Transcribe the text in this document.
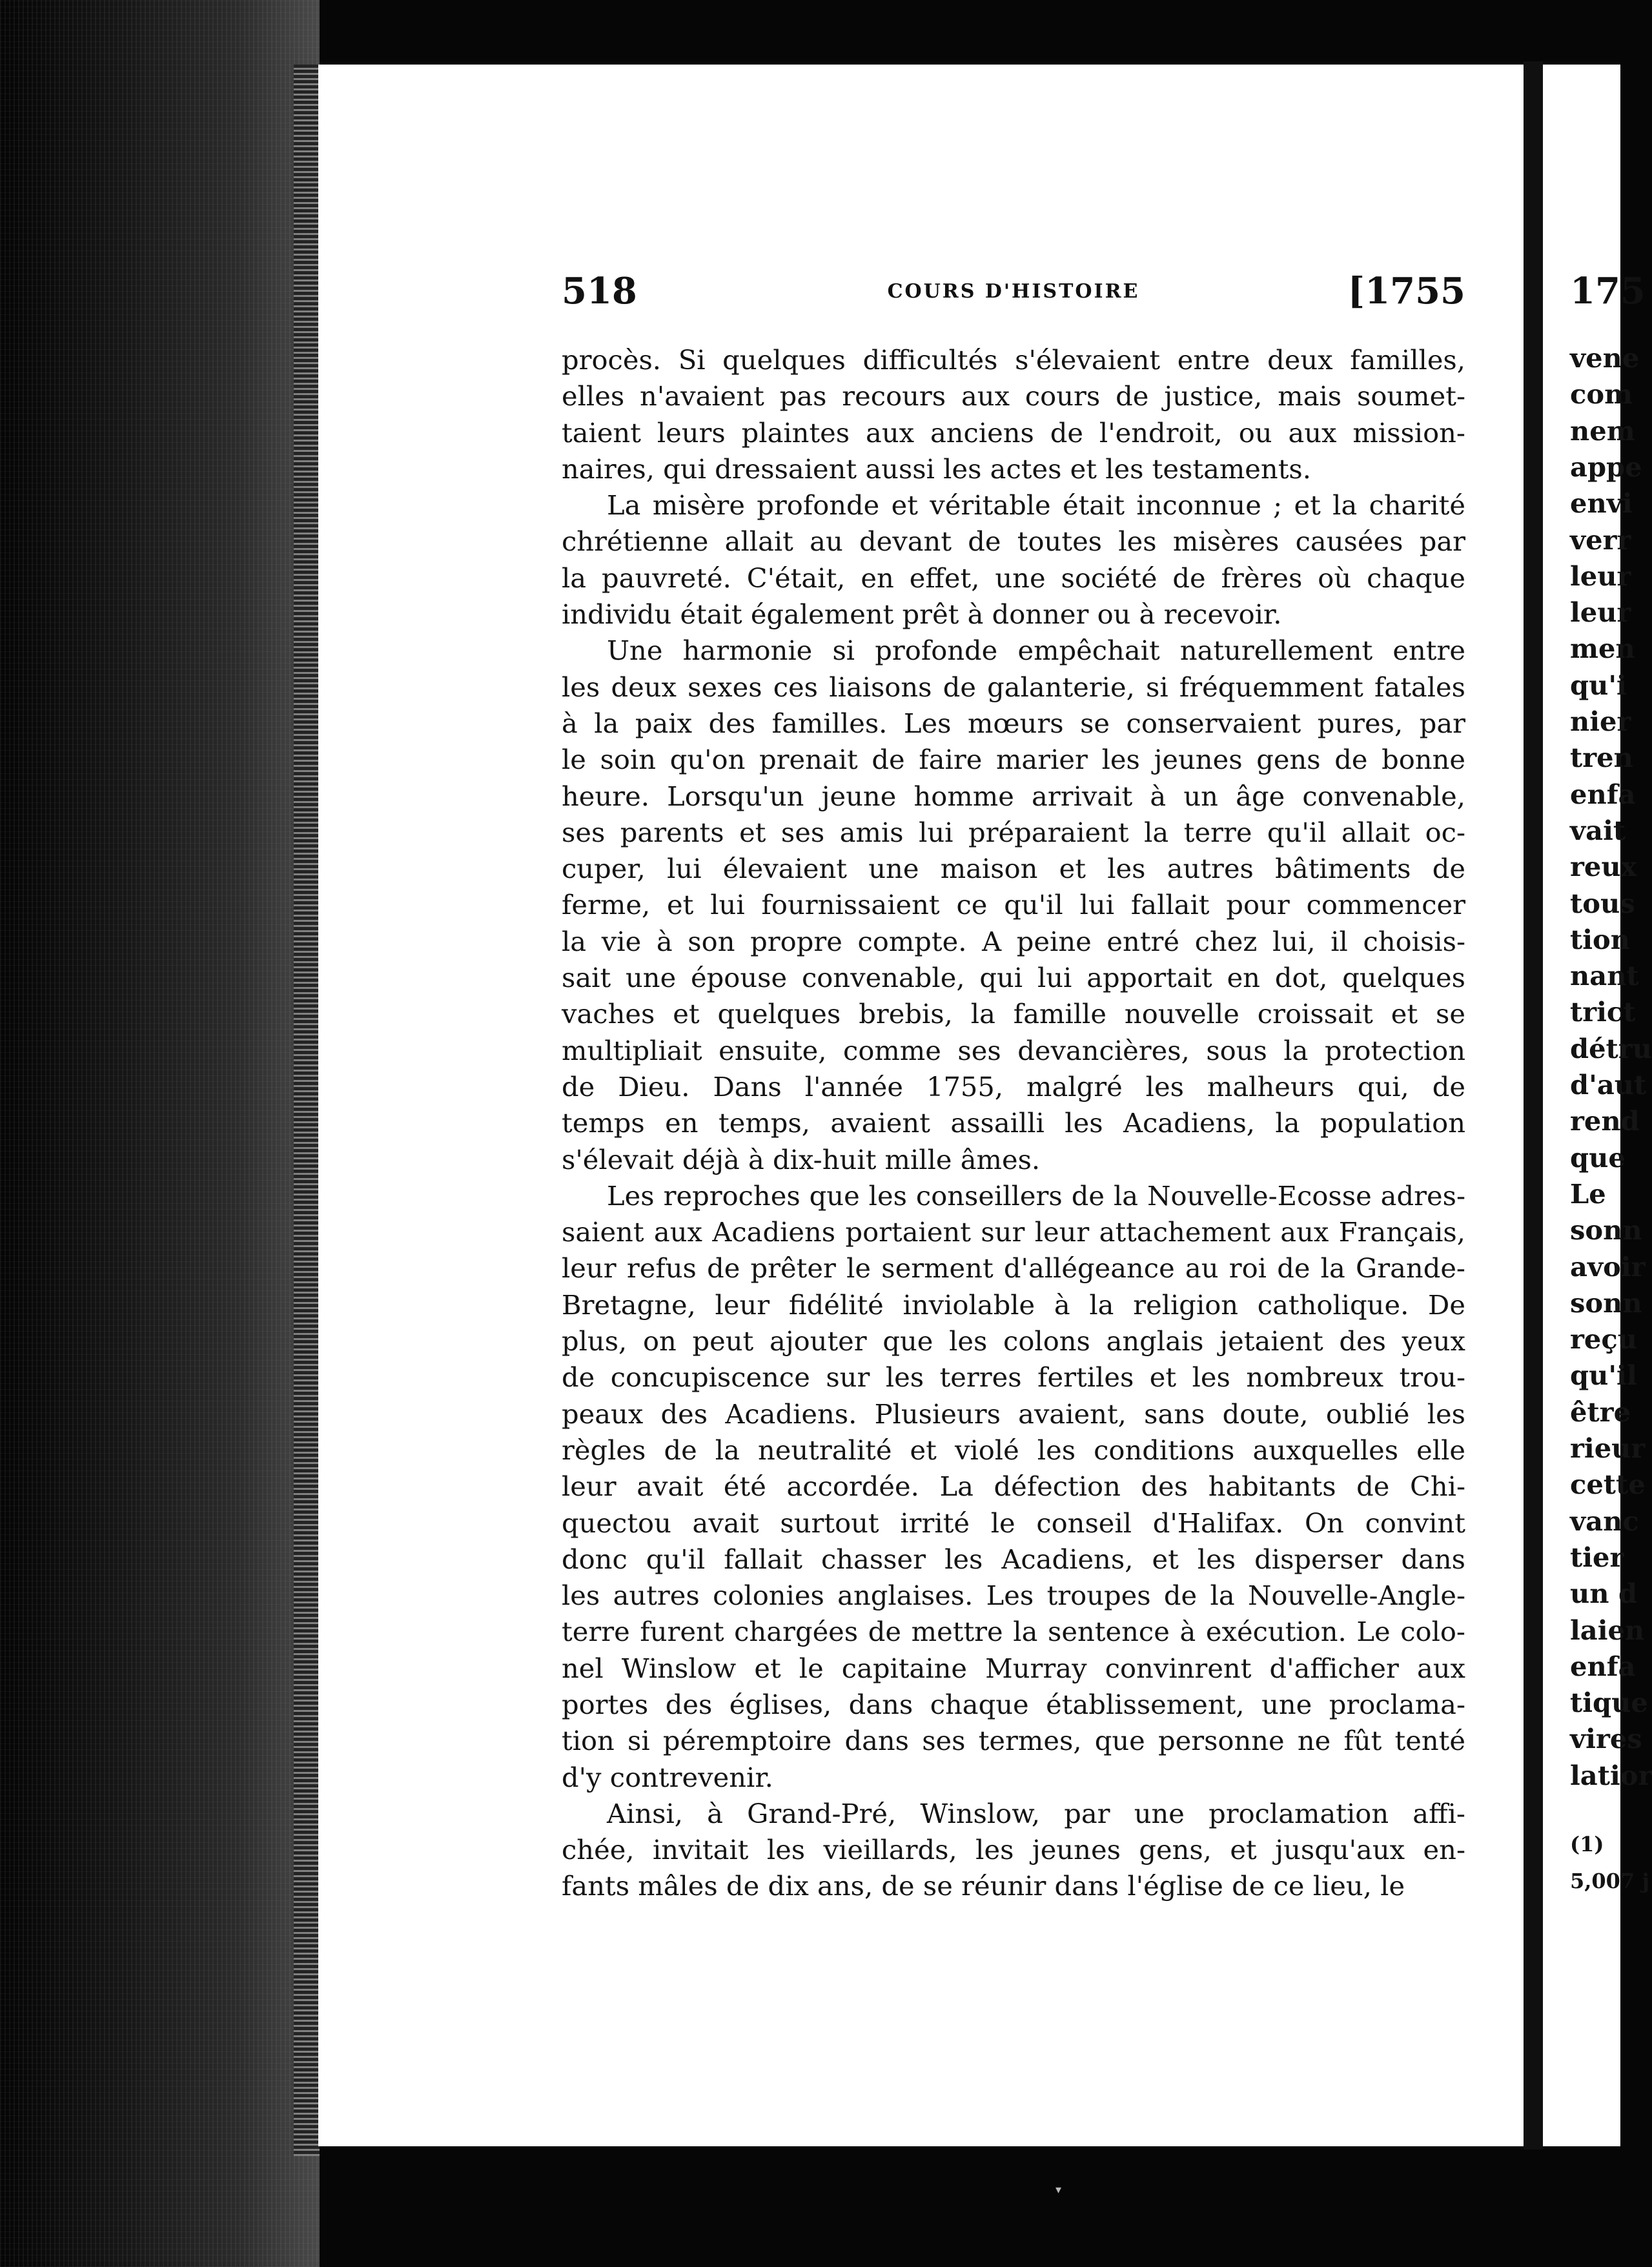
518	COURS D'HISTOIRE	[1755
procès. Si quelques difficultés s'élevaient entre deux familles,
elles n'avaient pas recours aux cours de justice, mais soumet-
taient leurs plaintes aux anciens de l'endroit, ou aux mission-
naires, qui dressaient aussi les actes et les testaments.
La misère profonde et véritable était inconnue ; et la charité
chrétienne allait au devant de toutes les misères causées par
la pauvreté. C'était, en effet, une société de frères où chaque
individu était également prêt à donner ou à recevoir.
Une harmonie si profonde empêchait naturellement entre
les deux sexes ces liaisons de galanterie, si fréquemment fatales
à la paix des familles. Les mœurs se conservaient pures, par
le soin qu'on prenait de faire marier les jeunes gens de bonne
heure. Lorsqu'un jeune homme arrivait à un âge convenable,
ses parents et ses amis lui préparaient la terre qu'il allait oc-
cuper, lui élevaient une maison et les autres bâtiments de
ferme, et lui fournissaient ce qu'il lui fallait pour commencer
la vie à son propre compte. A peine entré chez lui, il choisis-
sait une épouse convenable, qui lui apportait en dot, quelques
vaches et quelques brebis, la famille nouvelle croissait et se
multipliait ensuite, comme ses devancières, sous la protection
de Dieu. Dans l'année 1755, malgré les malheurs qui, de
temps en temps, avaient assailli les Acadiens, la population
s'élevait déjà à dix-huit mille âmes.
Les reproches que les conseillers de la Nouvelle-Ecosse adres-
saient aux Acadiens portaient sur leur attachement aux Français,
leur refus de prêter le serment d'allégeance au roi de la Grande-
Bretagne, leur fidélité inviolable à la religion catholique. De
plus, on peut ajouter que les colons anglais jetaient des yeux
de concupiscence sur les terres fertiles et les nombreux trou-
peaux des Acadiens. Plusieurs avaient, sans doute, oublié les
règles de la neutralité et violé les conditions auxquelles elle
leur avait été accordée. La défection des habitants de Chi-
quectou avait surtout irrité le conseil d'Halifax. On convint
donc qu'il fallait chasser les Acadiens, et les disperser dans
les autres colonies anglaises. Les troupes de la Nouvelle-Angle-
terre furent chargées de mettre la sentence à exécution. Le colo-
nel Winslow et le capitaine Murray convinrent d'afficher aux
portes des églises, dans chaque établissement, une proclama-
tion si péremptoire dans ses termes, que personne ne fût tenté
d'y contrevenir.
Ainsi, à Grand-Pré, Winslow, par une proclamation affi-
chée, invitait les vieillards, les jeunes gens, et jusqu'aux en-
fants mâles de dix ans, de se réunir dans l'église de ce lieu, le
175
vene
com
nem
appe
envi
verr
leur
leur
men
qu'i
nier
tren
enfa
vait
reux
tous
tion
nant
trict
détru
d'aut
rend
que
Le
sonn
avoir
sonn
reçu
qu'il
être
rieur
cette
vanc
tier
un d
laien
enfa
tique
vires
latior
(1)
5,007 j
▾
